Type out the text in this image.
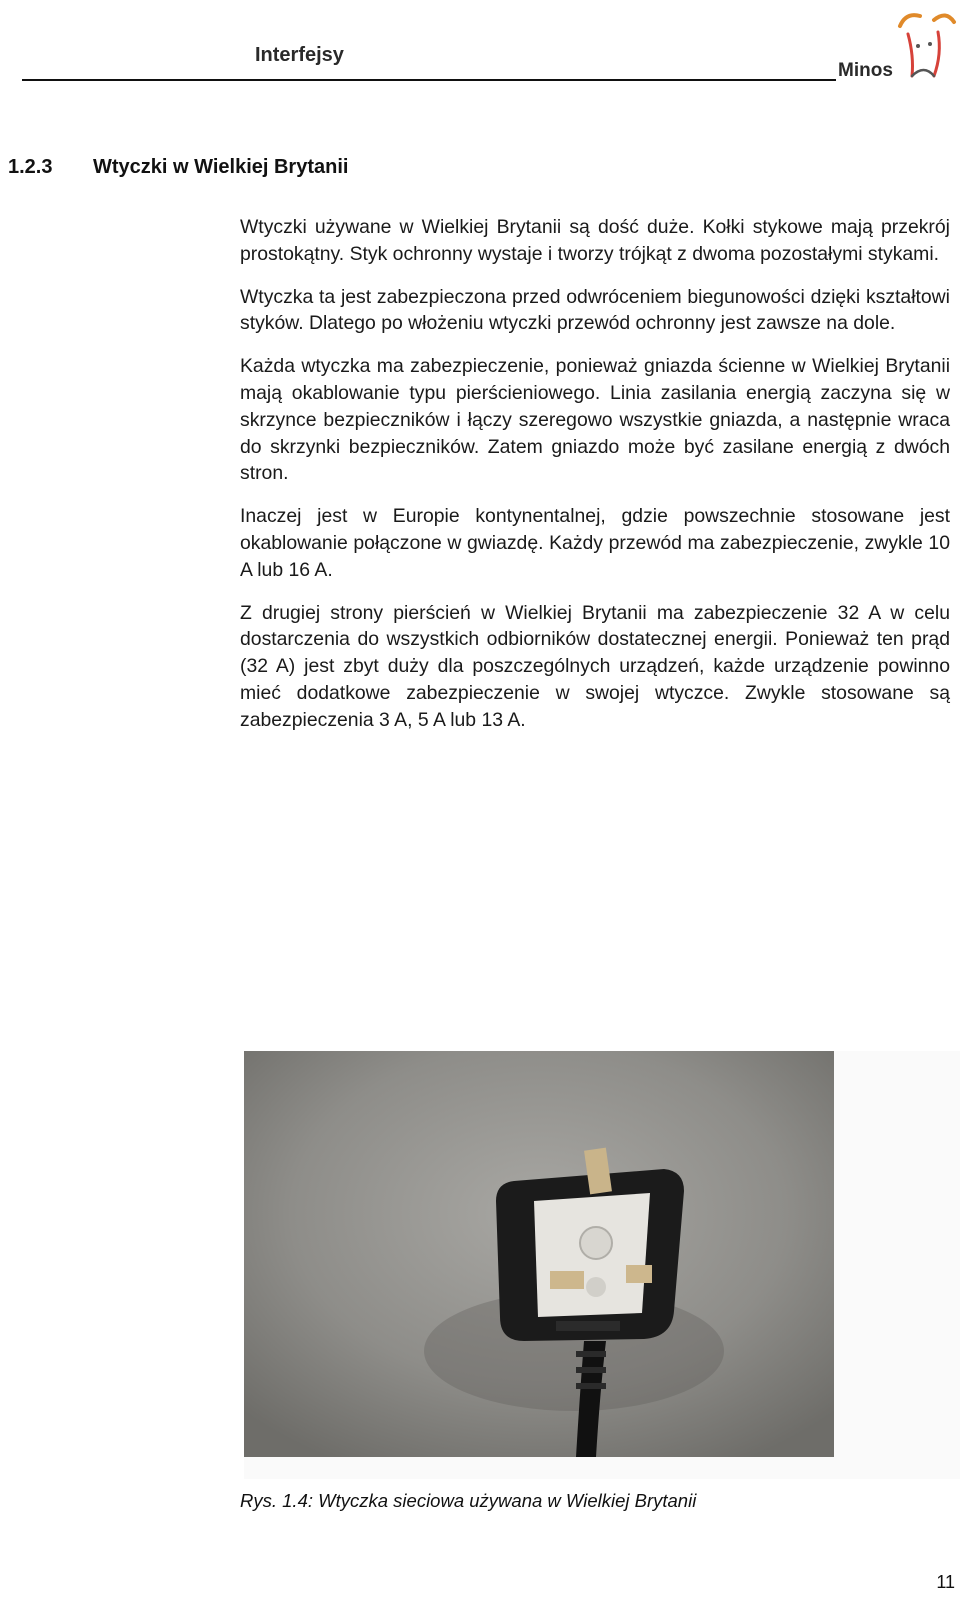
Interfejsy
Minos
1.2.3 Wtyczki w Wielkiej Brytanii

Wtyczki używane w Wielkiej Brytanii są dość duże. Kołki stykowe mają przekrój prostokątny. Styk ochronny wystaje i tworzy trójkąt z dwoma pozostałymi stykami.

Wtyczka ta jest zabezpieczona przed odwróceniem biegunowości dzięki kształtowi styków. Dlatego po włożeniu wtyczki przewód ochronny jest zawsze na dole.

Każda wtyczka ma zabezpieczenie, ponieważ gniazda ścienne w Wielkiej Brytanii mają okablowanie typu pierścieniowego. Linia zasilania energią zaczyna się w skrzynce bezpieczników i łączy szeregowo wszystkie gniazda, a następnie wraca do skrzynki bezpieczników. Zatem gniazdo może być zasilane energią z dwóch stron.

Inaczej jest w Europie kontynentalnej, gdzie powszechnie stosowane jest okablowanie połączone w gwiazdę. Każdy przewód ma zabezpieczenie, zwykle 10 A lub 16 A.

Z drugiej strony pierścień w Wielkiej Brytanii ma zabezpieczenie 32 A w celu dostarczenia do wszystkich odbiorników dostatecznej energii. Ponieważ ten prąd (32 A) jest zbyt duży dla poszczególnych urządzeń, każde urządzenie powinno mieć dodatkowe zabezpieczenie w swojej wtyczce. Zwykle stosowane są zabezpieczenia 3 A, 5 A lub 13 A.

Rys. 1.4: Wtyczka sieciowa używana w Wielkiej Brytanii
11
